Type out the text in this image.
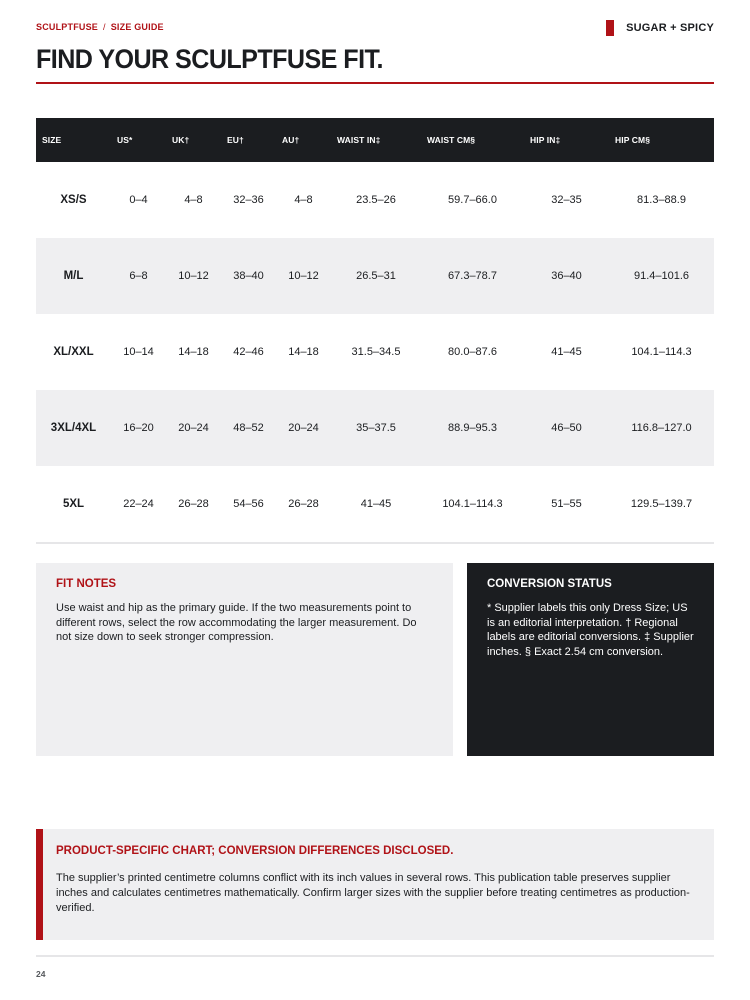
SCULPTFUSE / SIZE GUIDE	SUGAR + SPICY
FIND YOUR SCULPTFUSE FIT.
SIZE	US*	UK†	EU†	AU†	WAIST IN‡	WAIST CM§	HIP IN‡	HIP CM§
XS/S	0–4	4–8	32–36	4–8	23.5–26	59.7–66.0	32–35	81.3–88.9
M/L	6–8	10–12	38–40	10–12	26.5–31	67.3–78.7	36–40	91.4–101.6
XL/XXL	10–14	14–18	42–46	14–18	31.5–34.5	80.0–87.6	41–45	104.1–114.3
3XL/4XL	16–20	20–24	48–52	20–24	35–37.5	88.9–95.3	46–50	116.8–127.0
5XL	22–24	26–28	54–56	26–28	41–45	104.1–114.3	51–55	129.5–139.7
FIT NOTES

Use waist and hip as the primary guide. If the two measurements point to different rows, select the row accommodating the larger measurement. Do not size down to seek stronger compression.

CONVERSION STATUS

* Supplier labels this only Dress Size; US is an editorial interpretation. † Regional labels are editorial conversions. ‡ Supplier inches. § Exact 2.54 cm conversion.

PRODUCT-SPECIFIC CHART; CONVERSION DIFFERENCES DISCLOSED.

The supplier’s printed centimetre columns conflict with its inch values in several rows. This publication table preserves supplier inches and calculates centimetres mathematically. Confirm larger sizes with the supplier before treating centimetres as production-verified.

24
